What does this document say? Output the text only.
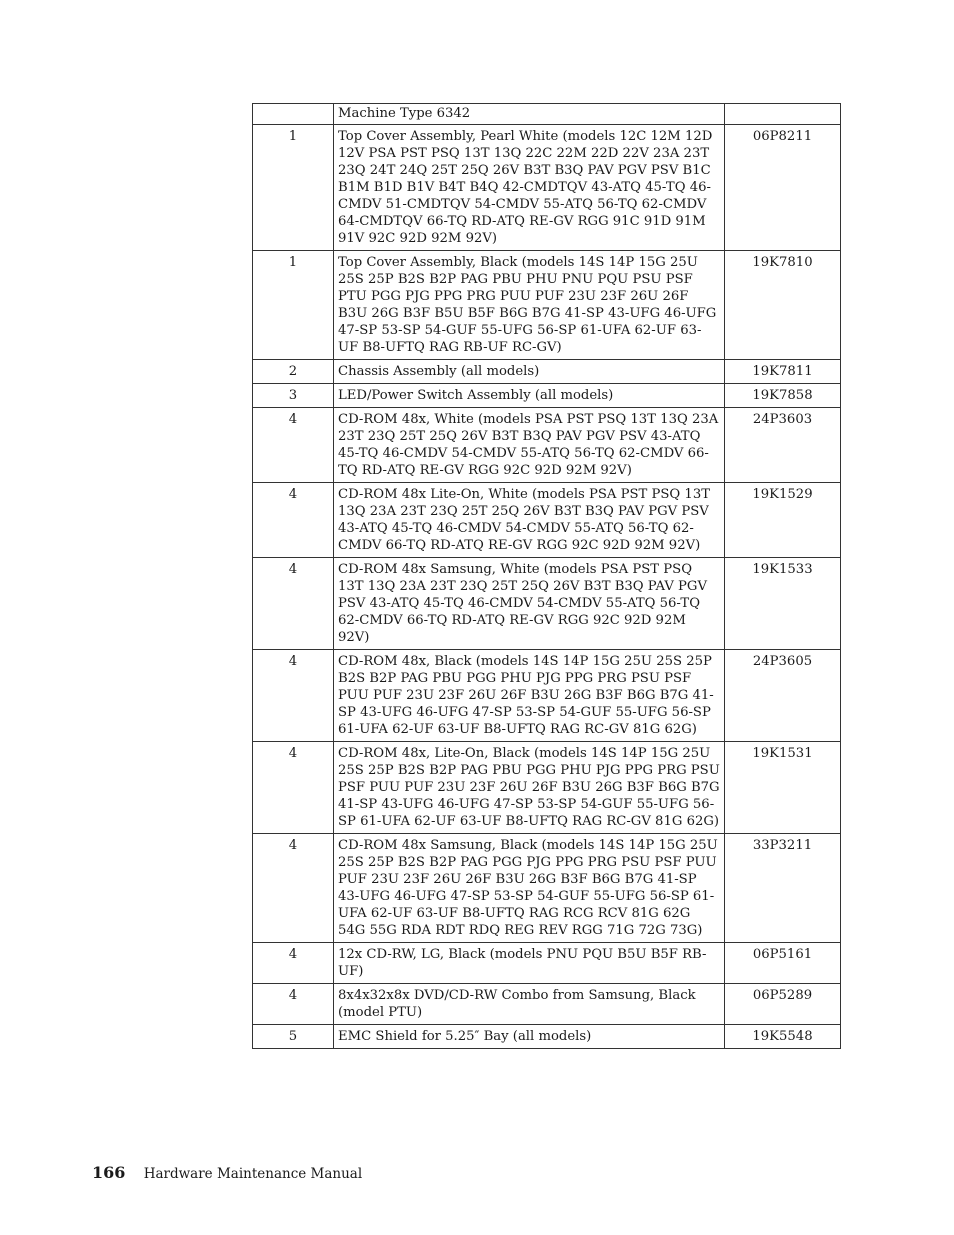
	Machine Type 6342	
1	Top Cover Assembly, Pearl White (models 12C 12M 12D 12V PSA PST PSQ 13T 13Q 22C 22M 22D 22V 23A 23T 23Q 24T 24Q 25T 25Q 26V B3T B3Q PAV PGV PSV B1C B1M B1D B1V B4T B4Q 42-CMDTQV 43-ATQ 45-TQ 46-CMDV 51-CMDTQV 54-CMDV 55-ATQ 56-TQ 62-CMDV 64-CMDTQV 66-TQ RD-ATQ RE-GV RGG 91C 91D 91M 91V 92C 92D 92M 92V)	06P8211
1	Top Cover Assembly, Black (models 14S 14P 15G 25U 25S 25P B2S B2P PAG PBU PHU PNU PQU PSU PSF PTU PGG PJG PPG PRG PUU PUF 23U 23F 26U 26F B3U 26G B3F B5U B5F B6G B7G 41-SP 43-UFG 46-UFG 47-SP 53-SP 54-GUF 55-UFG 56-SP 61-UFA 62-UF 63-UF B8-UFTQ RAG RB-UF RC-GV)	19K7810
2	Chassis Assembly (all models)	19K7811
3	LED/Power Switch Assembly (all models)	19K7858
4	CD-ROM 48x, White (models PSA PST PSQ 13T 13Q 23A 23T 23Q 25T 25Q 26V B3T B3Q PAV PGV PSV 43-ATQ 45-TQ 46-CMDV 54-CMDV 55-ATQ 56-TQ 62-CMDV 66-TQ RD-ATQ RE-GV RGG 92C 92D 92M 92V)	24P3603
4	CD-ROM 48x Lite-On, White (models PSA PST PSQ 13T 13Q 23A 23T 23Q 25T 25Q 26V B3T B3Q PAV PGV PSV 43-ATQ 45-TQ 46-CMDV 54-CMDV 55-ATQ 56-TQ 62-CMDV 66-TQ RD-ATQ RE-GV RGG 92C 92D 92M 92V)	19K1529
4	CD-ROM 48x Samsung, White (models PSA PST PSQ 13T 13Q 23A 23T 23Q 25T 25Q 26V B3T B3Q PAV PGV PSV 43-ATQ 45-TQ 46-CMDV 54-CMDV 55-ATQ 56-TQ 62-CMDV 66-TQ RD-ATQ RE-GV RGG 92C 92D 92M 92V)	19K1533
4	CD-ROM 48x, Black (models 14S 14P 15G 25U 25S 25P B2S B2P PAG PBU PGG PHU PJG PPG PRG PSU PSF PUU PUF 23U 23F 26U 26F B3U 26G B3F B6G B7G 41-SP 43-UFG 46-UFG 47-SP 53-SP 54-GUF 55-UFG 56-SP 61-UFA 62-UF 63-UF B8-UFTQ RAG RC-GV 81G 62G)	24P3605
4	CD-ROM 48x, Lite-On, Black (models 14S 14P 15G 25U 25S 25P B2S B2P PAG PBU PGG PHU PJG PPG PRG PSU PSF PUU PUF 23U 23F 26U 26F B3U 26G B3F B6G B7G 41-SP 43-UFG 46-UFG 47-SP 53-SP 54-GUF 55-UFG 56-SP 61-UFA 62-UF 63-UF B8-UFTQ RAG RC-GV 81G 62G)	19K1531
4	CD-ROM 48x Samsung, Black (models 14S 14P 15G 25U 25S 25P B2S B2P PAG PGG PJG PPG PRG PSU PSF PUU PUF 23U 23F 26U 26F B3U 26G B3F B6G B7G 41-SP 43-UFG 46-UFG 47-SP 53-SP 54-GUF 55-UFG 56-SP 61-UFA 62-UF 63-UF B8-UFTQ RAG RCG RCV 81G 62G 54G 55G RDA RDT RDQ REG REV RGG 71G 72G 73G)	33P3211
4	12x CD-RW, LG, Black (models PNU PQU B5U B5F RB-UF)	06P5161
4	8x4x32x8x DVD/CD-RW Combo from Samsung, Black (model PTU)	06P5289
5	EMC Shield for 5.25″ Bay (all models)	19K5548
166 Hardware Maintenance Manual
